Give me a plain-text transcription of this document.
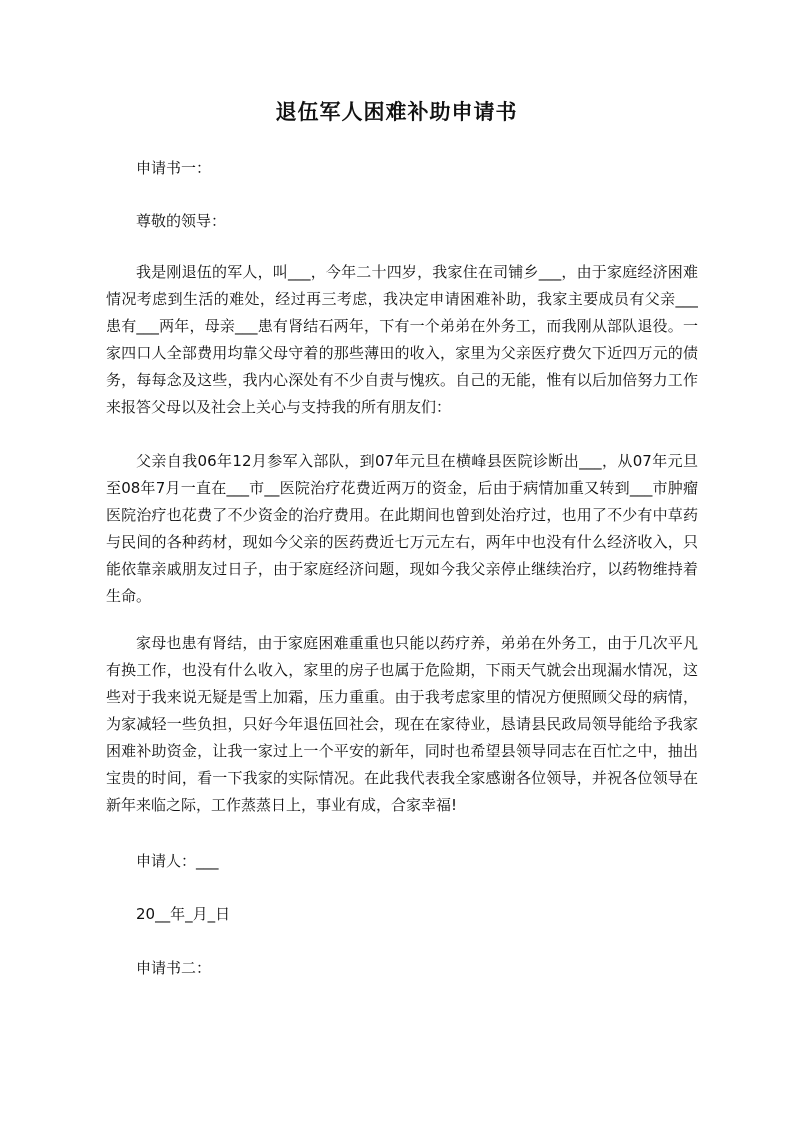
退伍军人困难补助申请书
申请书一：
尊敬的领导：
我是刚退伍的军人，叫___，今年二十四岁，我家住在司铺乡___，由于家庭经济困难情况考虑到生活的难处，经过再三考虑，我决定申请困难补助，我家主要成员有父亲___患有___两年，母亲___患有肾结石两年，下有一个弟弟在外务工，而我刚从部队退役。一家四口人全部费用均靠父母守着的那些薄田的收入，家里为父亲医疗费欠下近四万元的债务，每每念及这些，我内心深处有不少自责与愧疚。自己的无能，惟有以后加倍努力工作来报答父母以及社会上关心与支持我的所有朋友们：
父亲自我06年12月参军入部队，到07年元旦在横峰县医院诊断出___，从07年元旦至08年7月一直在___市__医院治疗花费近两万的资金，后由于病情加重又转到___市肿瘤医院治疗也花费了不少资金的治疗费用。在此期间也曾到处治疗过，也用了不少有中草药与民间的各种药材，现如今父亲的医药费近七万元左右，两年中也没有什么经济收入，只能依靠亲戚朋友过日子，由于家庭经济问题，现如今我父亲停止继续治疗，以药物维持着生命。
家母也患有肾结，由于家庭困难重重也只能以药疗养，弟弟在外务工，由于几次平凡有换工作，也没有什么收入，家里的房子也属于危险期，下雨天气就会出现漏水情况，这些对于我来说无疑是雪上加霜，压力重重。由于我考虑家里的情况方便照顾父母的病情，为家减轻一些负担，只好今年退伍回社会，现在在家待业，恳请县民政局领导能给予我家困难补助资金，让我一家过上一个平安的新年，同时也希望县领导同志在百忙之中，抽出宝贵的时间，看一下我家的实际情况。在此我代表我全家感谢各位领导，并祝各位领导在新年来临之际，工作蒸蒸日上，事业有成，合家幸福!
申请人：___
20__年_月_日
申请书二：
